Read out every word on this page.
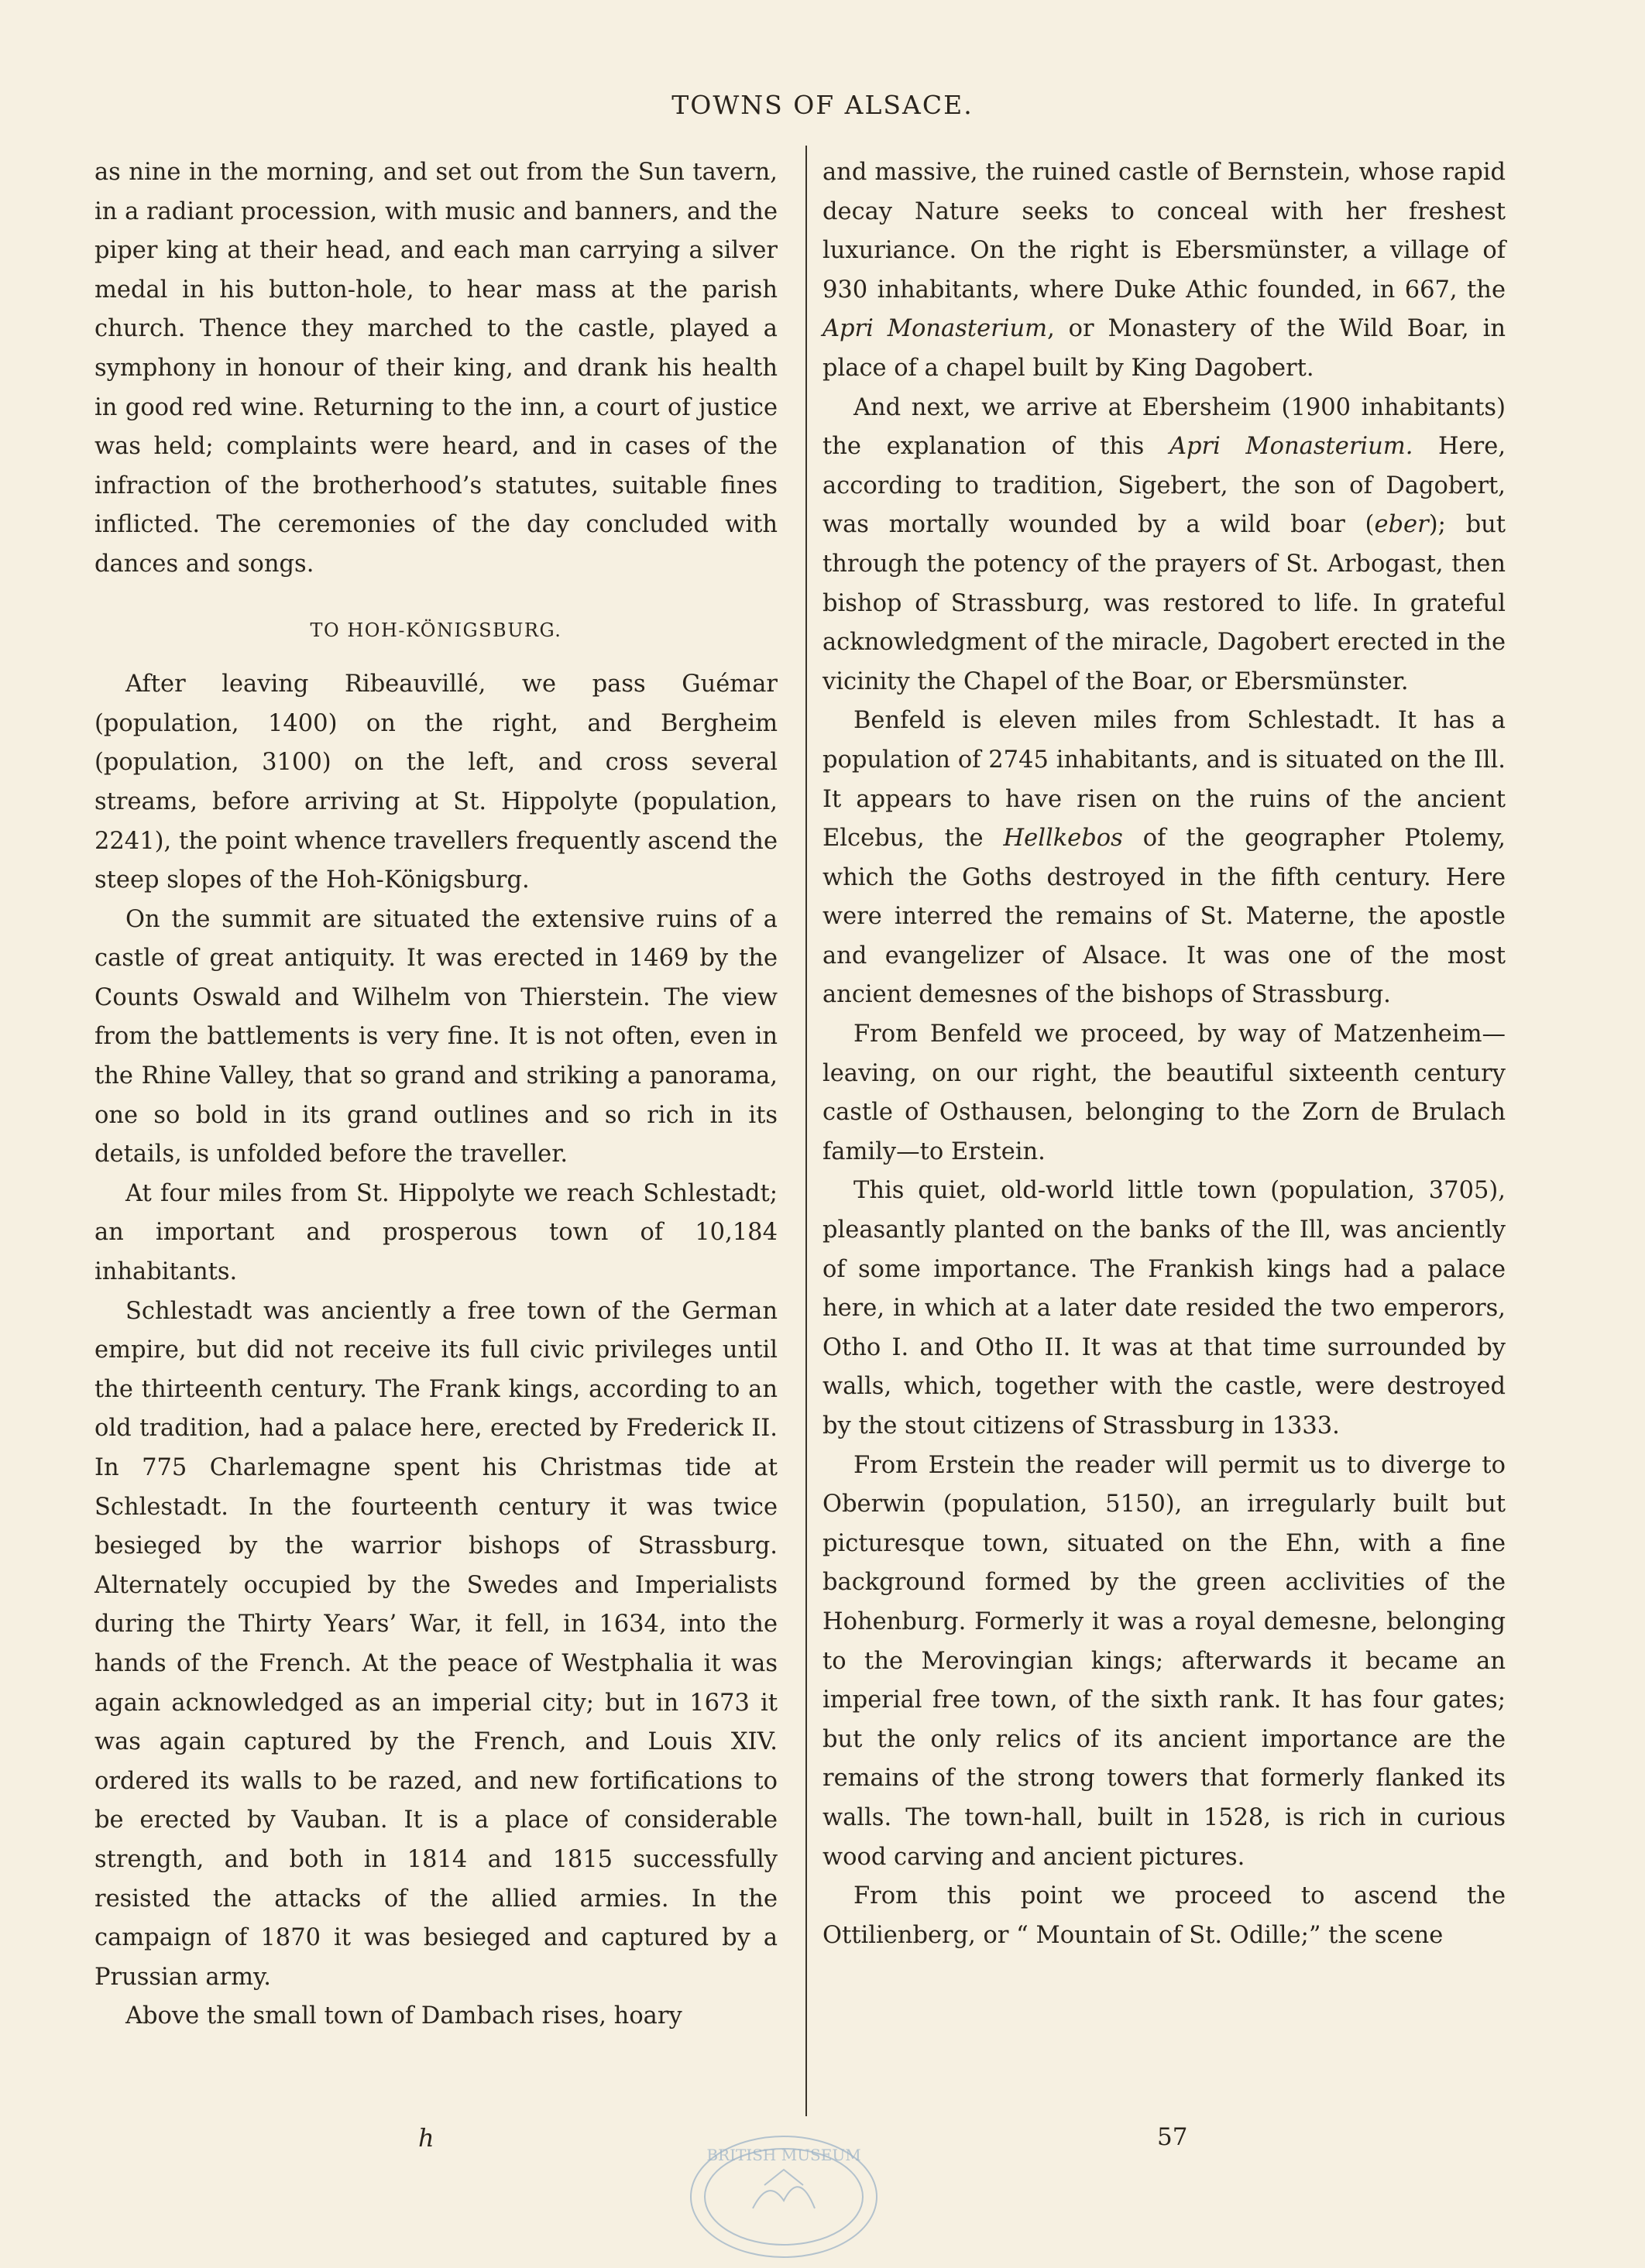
TOWNS OF ALSACE.

as nine in the morning, and set out from the Sun tavern, in a radiant procession, with music and banners, and the piper king at their head, and each man carrying a silver medal in his button-hole, to hear mass at the parish church. Thence they marched to the castle, played a symphony in honour of their king, and drank his health in good red wine. Returning to the inn, a court of justice was held; complaints were heard, and in cases of the infraction of the brotherhood’s statutes, suitable fines inflicted. The ceremonies of the day concluded with dances and songs.

TO HOH-KÖNIGSBURG.

After leaving Ribeauvillé, we pass Guémar (population, 1400) on the right, and Bergheim (population, 3100) on the left, and cross several streams, before arriving at St. Hippolyte (population, 2241), the point whence travellers frequently ascend the steep slopes of the Hoh-Königsburg.

On the summit are situated the extensive ruins of a castle of great antiquity. It was erected in 1469 by the Counts Oswald and Wilhelm von Thierstein. The view from the battlements is very fine. It is not often, even in the Rhine Valley, that so grand and striking a panorama, one so bold in its grand outlines and so rich in its details, is unfolded before the traveller.

At four miles from St. Hippolyte we reach Schlestadt; an important and prosperous town of 10,184 inhabitants.

Schlestadt was anciently a free town of the German empire, but did not receive its full civic privileges until the thirteenth century. The Frank kings, according to an old tradition, had a palace here, erected by Frederick II. In 775 Charlemagne spent his Christmas tide at Schlestadt. In the fourteenth century it was twice besieged by the warrior bishops of Strassburg. Alternately occupied by the Swedes and Imperialists during the Thirty Years’ War, it fell, in 1634, into the hands of the French. At the peace of Westphalia it was again acknowledged as an imperial city; but in 1673 it was again captured by the French, and Louis XIV. ordered its walls to be razed, and new fortifications to be erected by Vauban. It is a place of considerable strength, and both in 1814 and 1815 successfully resisted the attacks of the allied armies. In the campaign of 1870 it was besieged and captured by a Prussian army.

Above the small town of Dambach rises, hoary

and massive, the ruined castle of Bernstein, whose rapid decay Nature seeks to conceal with her freshest luxuriance. On the right is Ebersmünster, a village of 930 inhabitants, where Duke Athic founded, in 667, the Apri Monasterium, or Monastery of the Wild Boar, in place of a chapel built by King Dagobert.

And next, we arrive at Ebersheim (1900 inhabitants) the explanation of this Apri Monasterium. Here, according to tradition, Sigebert, the son of Dagobert, was mortally wounded by a wild boar (eber); but through the potency of the prayers of St. Arbogast, then bishop of Strassburg, was restored to life. In grateful acknowledgment of the miracle, Dagobert erected in the vicinity the Chapel of the Boar, or Ebersmünster.

Benfeld is eleven miles from Schlestadt. It has a population of 2745 inhabitants, and is situated on the Ill. It appears to have risen on the ruins of the ancient Elcebus, the Hellkebos of the geographer Ptolemy, which the Goths destroyed in the fifth century. Here were interred the remains of St. Materne, the apostle and evangelizer of Alsace. It was one of the most ancient demesnes of the bishops of Strassburg.

From Benfeld we proceed, by way of Matzenheim—leaving, on our right, the beautiful sixteenth century castle of Osthausen, belonging to the Zorn de Brulach family—to Erstein.

This quiet, old-world little town (population, 3705), pleasantly planted on the banks of the Ill, was anciently of some importance. The Frankish kings had a palace here, in which at a later date resided the two emperors, Otho I. and Otho II. It was at that time surrounded by walls, which, together with the castle, were destroyed by the stout citizens of Strassburg in 1333.

From Erstein the reader will permit us to diverge to Oberwin (population, 5150), an irregularly built but picturesque town, situated on the Ehn, with a fine background formed by the green acclivities of the Hohenburg. Formerly it was a royal demesne, belonging to the Merovingian kings; afterwards it became an imperial free town, of the sixth rank. It has four gates; but the only relics of its ancient importance are the remains of the strong towers that formerly flanked its walls. The town-hall, built in 1528, is rich in curious wood carving and ancient pictures.

From this point we proceed to ascend the Ottilienberg, or “ Mountain of St. Odille;” the scene

h
BRITISH MUSEUM
57
